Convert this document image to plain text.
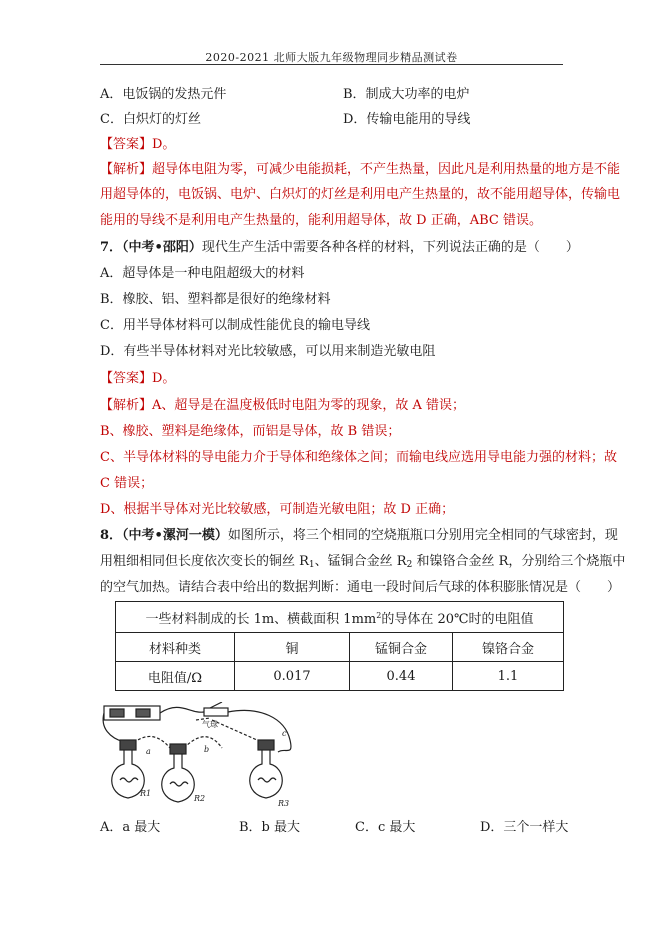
2020-2021 北师大版九年级物理同步精品测试卷
A．电饭锅的发热元件	B．制成大功率的电炉
C．白炽灯的灯丝	D．传输电能用的导线
【答案】D。
【解析】超导体电阻为零，可减少电能损耗，不产生热量，因此凡是利用热量的地方是不能
用超导体的，电饭锅、电炉、白炽灯的灯丝是利用电产生热量的，故不能用超导体，传输电
能用的导线不是利用电产生热量的，能利用超导体，故 D 正确，ABC 错误。
7．（中考•邵阳）现代生产生活中需要各种各样的材料，下列说法正确的是（　　）
A．超导体是一种电阻超级大的材料
B．橡胶、铝、塑料都是很好的绝缘材料
C．用半导体材料可以制成性能优良的输电导线
D．有些半导体材料对光比较敏感，可以用来制造光敏电阻
【答案】D。
【解析】A、超导是在温度极低时电阻为零的现象，故 A 错误；
B、橡胶、塑料是绝缘体，而铝是导体，故 B 错误；
C、半导体材料的导电能力介于导体和绝缘体之间；而输电线应选用导电能力强的材料；故
C 错误；
D、根据半导体对光比较敏感，可制造光敏电阻；故 D 正确；
8．（中考•漯河一模）如图所示，将三个相同的空烧瓶瓶口分别用完全相同的气球密封，现
用粗细相同但长度依次变长的铜丝 $R_1$、锰铜合金丝 $R_2$ 和镍铬合金丝 R，分别给三个烧瓶中
的空气加热。请结合表中给出的数据判断：通电一段时间后气球的体积膨胀情况是（　　）
一些材料制成的长 1m、横截面积 $1mm^2$的导体在 20℃时的电阻值			
材料种类	铜	锰铜合金	镍铬合金
电阻值/Ω	0.017	0.44	1.1
气球
a	b
c
R1
R2
R3
A．a 最大	B．b 最大	C．c 最大	D．三个一样大
